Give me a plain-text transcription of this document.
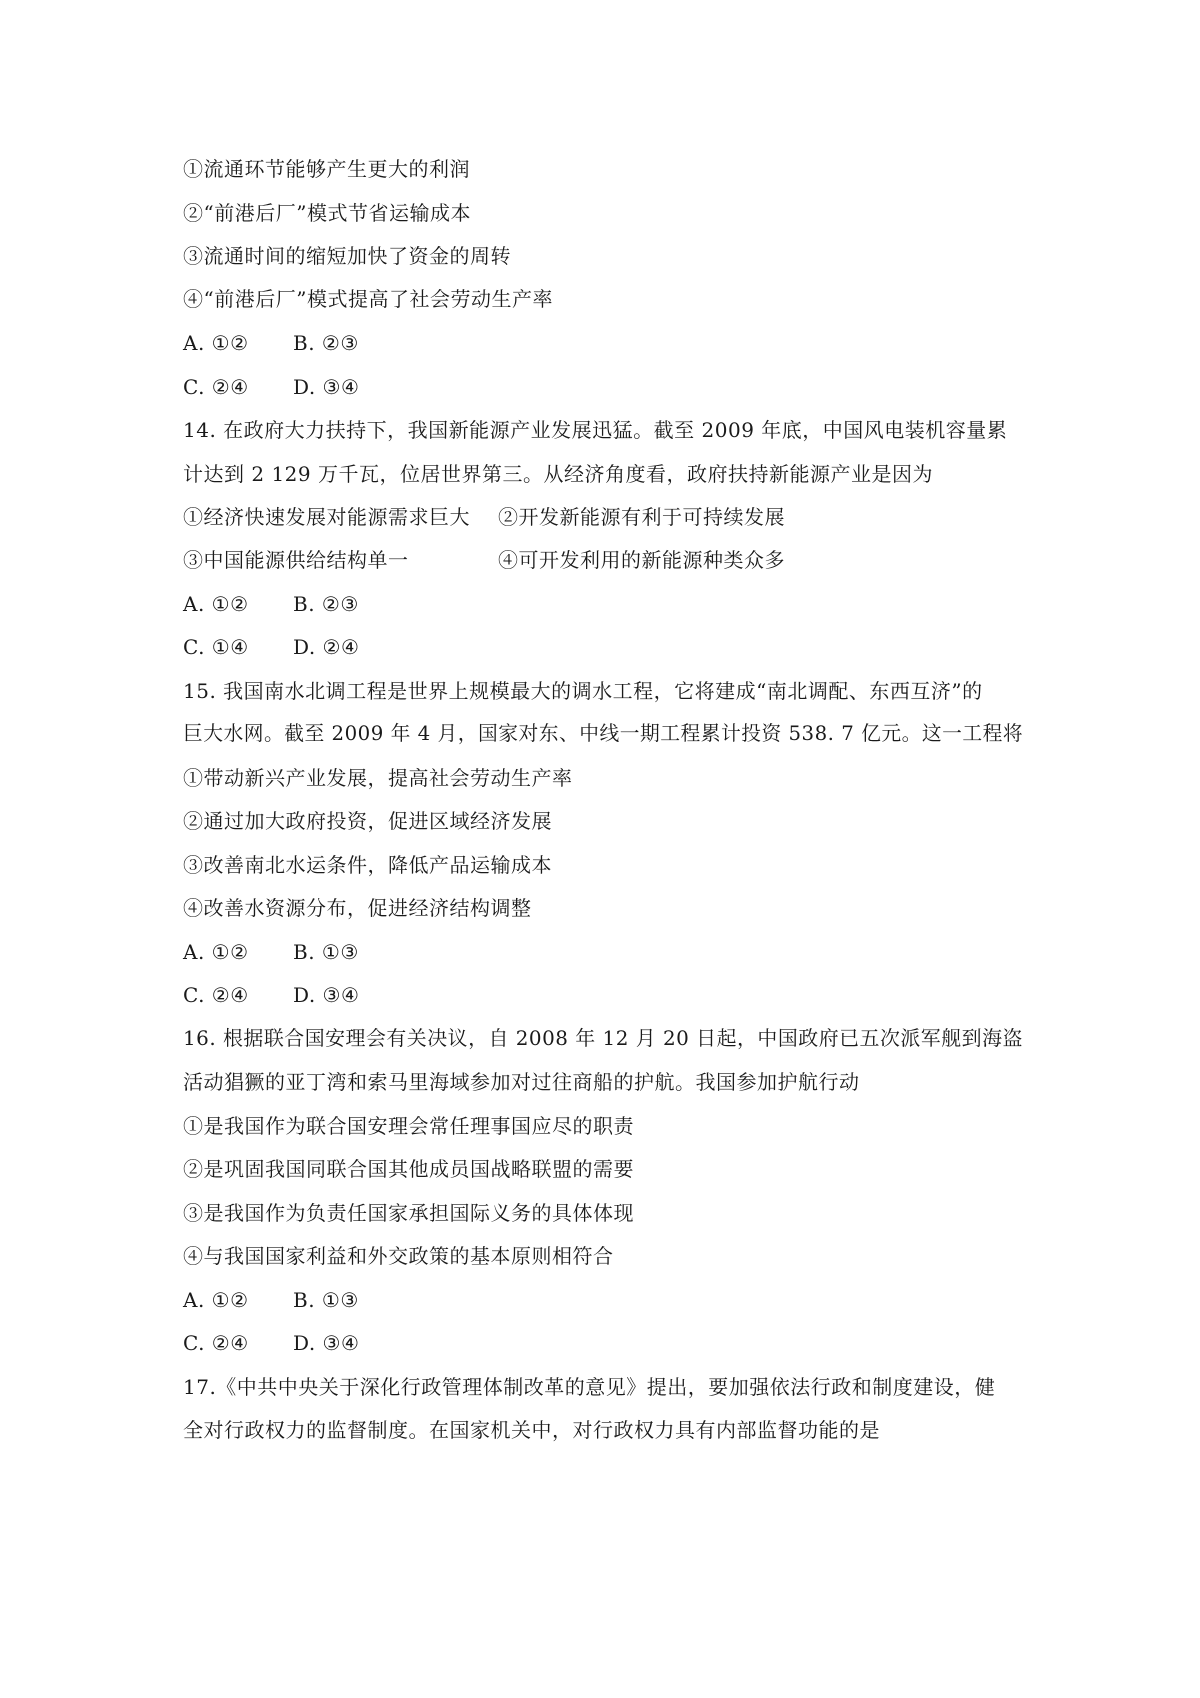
①流通环节能够产生更大的利润
②“前港后厂”模式节省运输成本
③流通时间的缩短加快了资金的周转
④“前港后厂”模式提高了社会劳动生产率
A. ①② B. ②③
C. ②④ D. ③④
14. 在政府大力扶持下，我国新能源产业发展迅猛。截至 2009 年底，中国风电装机容量累
计达到 2 129 万千瓦，位居世界第三。从经济角度看，政府扶持新能源产业是因为
①经济快速发展对能源需求巨大 ②开发新能源有利于可持续发展
③中国能源供给结构单一	④可开发利用的新能源种类众多
A. ①② B. ②③
C. ①④ D. ②④
15. 我国南水北调工程是世界上规模最大的调水工程，它将建成“南北调配、东西互济”的
巨大水网。截至 2009 年 4 月，国家对东、中线一期工程累计投资 538. 7 亿元。这一工程将
①带动新兴产业发展，提高社会劳动生产率
②通过加大政府投资，促进区域经济发展
③改善南北水运条件，降低产品运输成本
④改善水资源分布，促进经济结构调整
A. ①② B. ①③
C. ②④ D. ③④
16. 根据联合国安理会有关决议，自 2008 年 12 月 20 日起，中国政府已五次派军舰到海盗
活动猖獗的亚丁湾和索马里海域参加对过往商船的护航。我国参加护航行动
①是我国作为联合国安理会常任理事国应尽的职责
②是巩固我国同联合国其他成员国战略联盟的需要
③是我国作为负责任国家承担国际义务的具体体现
④与我国国家利益和外交政策的基本原则相符合
A. ①② B. ①③
C. ②④ D. ③④
17.《中共中央关于深化行政管理体制改革的意见》提出，要加强依法行政和制度建设，健
全对行政权力的监督制度。在国家机关中，对行政权力具有内部监督功能的是
